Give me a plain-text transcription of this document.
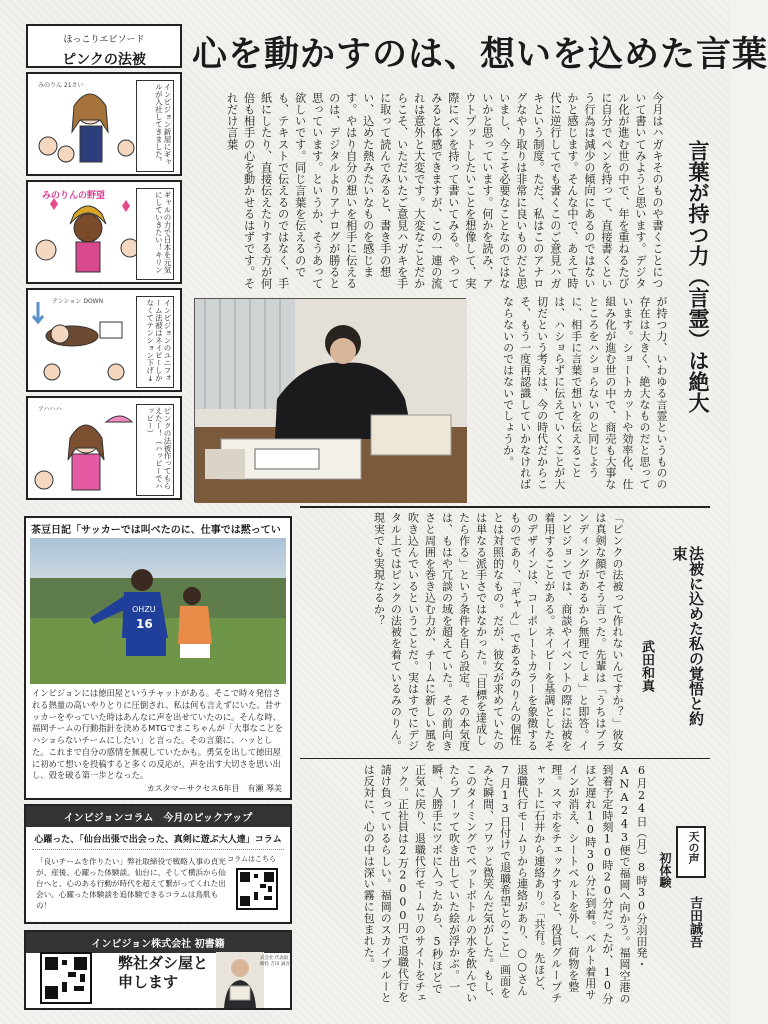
ほっこりエピソード
ピンクの法被
みのりん 21さい	インビジョン新屋にギャルが入社してきました。
みのりんの野望	ギャルの力で日本を元気にしていきたい！キリン
テンション DOWN	インビジョンのユニフォーム法被はネイビーしかなくてテンション下げ↓
アハハハ	ピンクの法被作ってもらえたー！（ハッピーでハッピー）
心を動かすのは、想いを込めた言葉
今月はハガキそのものや書くことについて書いてみようと思います。デジタル化が進む世の中で、年を重ねるたびに自分でペンを持って、直接書くという行為は減少の傾向にあるのではないかと感じます。そんな中で、あえて時代に逆行してでも書くこのご意見ハガキという制度。ただ、私はこのアナログなやり取りは非常に良いものだと思いまし、今こそ必要なことなのではないかと思っています。何かを読み、アウトプットしたいことを想像して、実際にペンを持って書いてみる。やってみると体感できますが、この一連の流れは意外と大変です。大変なことだからこそ、いただいたご意見ハガキを手に取って読んでみると、書き手の想い、込めた熱みたいなものを感じます。やはり自分の想いを相手に伝えるのは、デジタルよりアナログが勝ると思っています。というか、そうあって欲しいです。同じ言葉を伝えるのでも、テキストで伝えるのではなく、手紙にしたり、直接伝えたりする方が何倍も相手の心を動かせるはずです。それだけ言葉
言葉が持つ力（言霊）は絶大
が持つ力、いわゆる言霊というものの存在は大きく、絶大なものだと思っています。ショートカットや効率化、仕組み化が進む世の中で、商売も大事なところをハショらないのと同じように、相手に言葉で想いを伝えることは、ハショらずに伝えていくことが大切だという考えは、今の時代だからこそ、もう一度再認識していかなければならないのではないでしょうか。
法被に込めた私の覚悟と約束
武田和真
「ピンクの法被って作れないんですか？」彼女は真剣な顔でそう言った。先輩は「うちはブランディングがあるから無理でしょ」と即答。インビジョンでは、商談やイベントの際に法被を着用することがある。ネイビーを基調としたそのデザインは、コーポレートカラーを象徴するものであり、「ギャル」であるみのりんの個性とは対照的なもの。だが、彼女が求めていたのは単なる派手さではなかった。「目標を達成したら作る」という条件を自ら設定。その本気度は、もはや冗談の域を超えていた。その前向きさと周囲を巻き込む力が、チームに新しい風を吹き込んでいるということだ。実はすでにデジタル上ではピンクの法被を着ているみのりん。現実でも実現なるか？
天の声
初体験
吉田誠吾
6月24日（月）8時30分羽田発・ANA243便で福岡へ向かう。福岡空港の到着予定時刻10時20分だったが、10分ほど遅れ10時30分に到着。ベルト着用サインが消え、シートベルトを外し、荷物を整理。スマホをチェックすると、役員グループチャットに石井から連絡あり。「共有。先ほど、退職代行モームリから連絡があり、○○さん7月13日付けで退職希望とのこと」画面をみた瞬間、フワッと微笑んだ気がした。もし、このタイミングでペットボトルの水を飲んでいたらブーッて吹き出していた絵が浮かぶ。一瞬、人勝手にツボに入ったから、5秒ほどで正気に戻り、退職代行モームリのサイトをチェック。正社員は2万2000円で退職代行を請け負っているらしい。福岡のスカイブルーとは反対に、心の中は深い霧に包まれた。
茶豆日記「サッカーでは叫べたのに、仕事では黙ってい
OHZU
16
インビジョンには徳田屋というチャットがある。そこで時々発信される熱量の高いやりとりに圧倒され、私は何も言えずにいた。昔サッカーをやっていた時はあんなに声を出せていたのに。そんな時、福岡チームの行動指針を決めるMTGでまこちゃんが「大事なことをハショらないチームにしたい」と言った。その言葉に、ハッとした。これまで自分の感情を無視していたかも。勇気を出して徳田屋に初めて想いを投稿すると多くの反応が。声を出す大切さを思い出し、殻を破る第一歩となった。
カスタマーサクセス6年目　有瀬 琴美
インビジョンコラム　今月のピックアップ
心躍った、「仙台出張で出会った、真剣に遊ぶ大人達」コラム
「良いチームを作りたい」弊社取締役で戦略人事の貞光が、産後、心躍った体験談。仙台に、そして横浜から仙台へと、心のある行動が時代を超えて繋がってくれた出会い。心躍った体験談を追体験できるコラムは鳥肌もの！
コラムはこちら
インビジョン株式会社 初書籍
弊社ダシ屋と申します
インビジョン株式会社 代表取締役 吉田 誠吾
